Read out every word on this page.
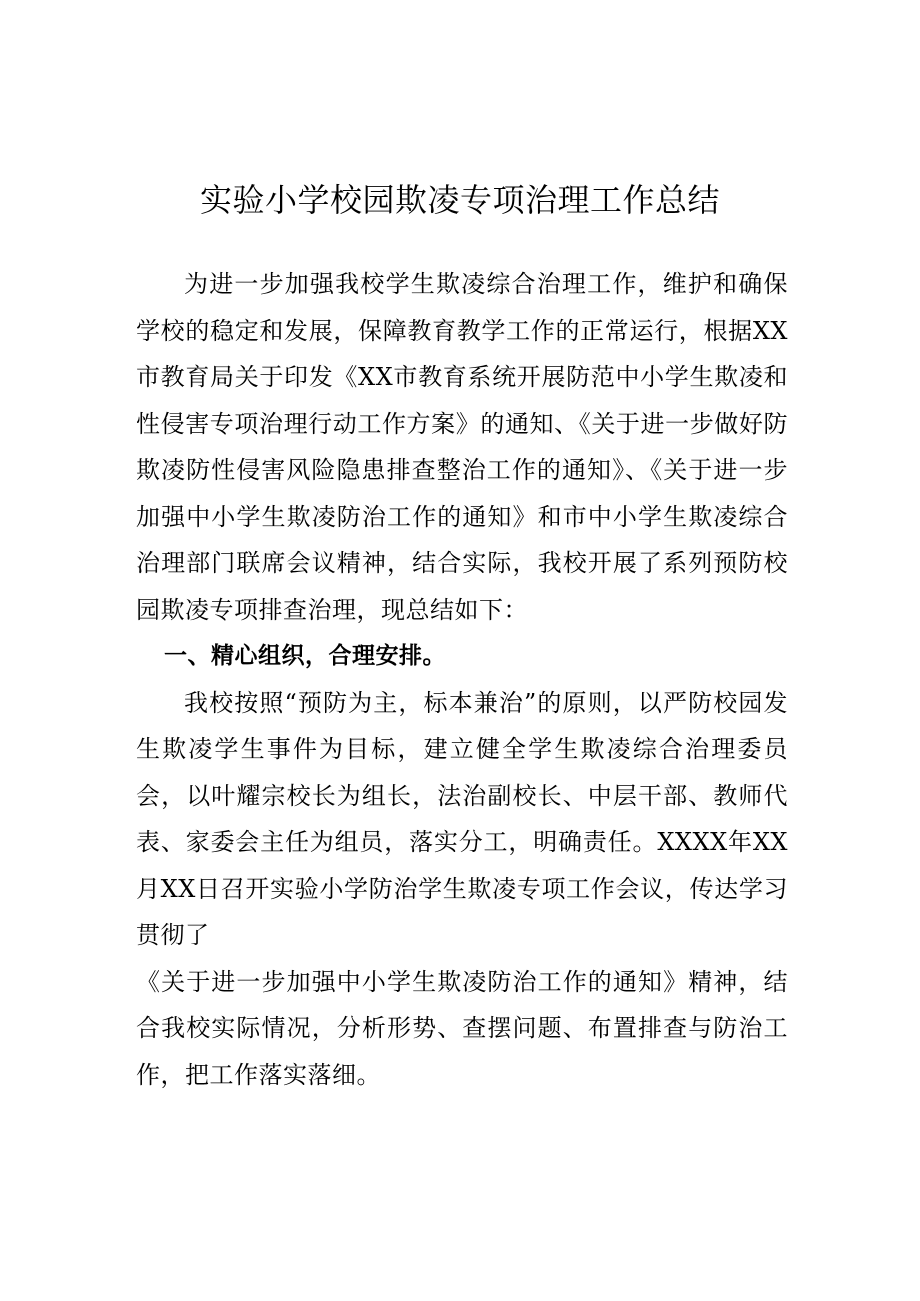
实验小学校园欺凌专项治理工作总结

为进一步加强我校学生欺凌综合治理工作，维护和确保学校的稳定和发展，保障教育教学工作的正常运行，根据XX市教育局关于印发《XX市教育系统开展防范中小学生欺凌和性侵害专项治理行动工作方案》的通知、《关于进一步做好防欺凌防性侵害风险隐患排查整治工作的通知》、《关于进一步加强中小学生欺凌防治工作的通知》和市中小学生欺凌综合治理部门联席会议精神，结合实际，我校开展了系列预防校园欺凌专项排查治理，现总结如下：

一、精心组织，合理安排。

我校按照“预防为主，标本兼治”的原则，以严防校园发生欺凌学生事件为目标，建立健全学生欺凌综合治理委员会，以叶耀宗校长为组长，法治副校长、中层干部、教师代表、家委会主任为组员，落实分工，明确责任。XXXX年XX月XX日召开实验小学防治学生欺凌专项工作会议，传达学习贯彻了

《关于进一步加强中小学生欺凌防治工作的通知》精神，结合我校实际情况，分析形势、查摆问题、布置排查与防治工作，把工作落实落细。
